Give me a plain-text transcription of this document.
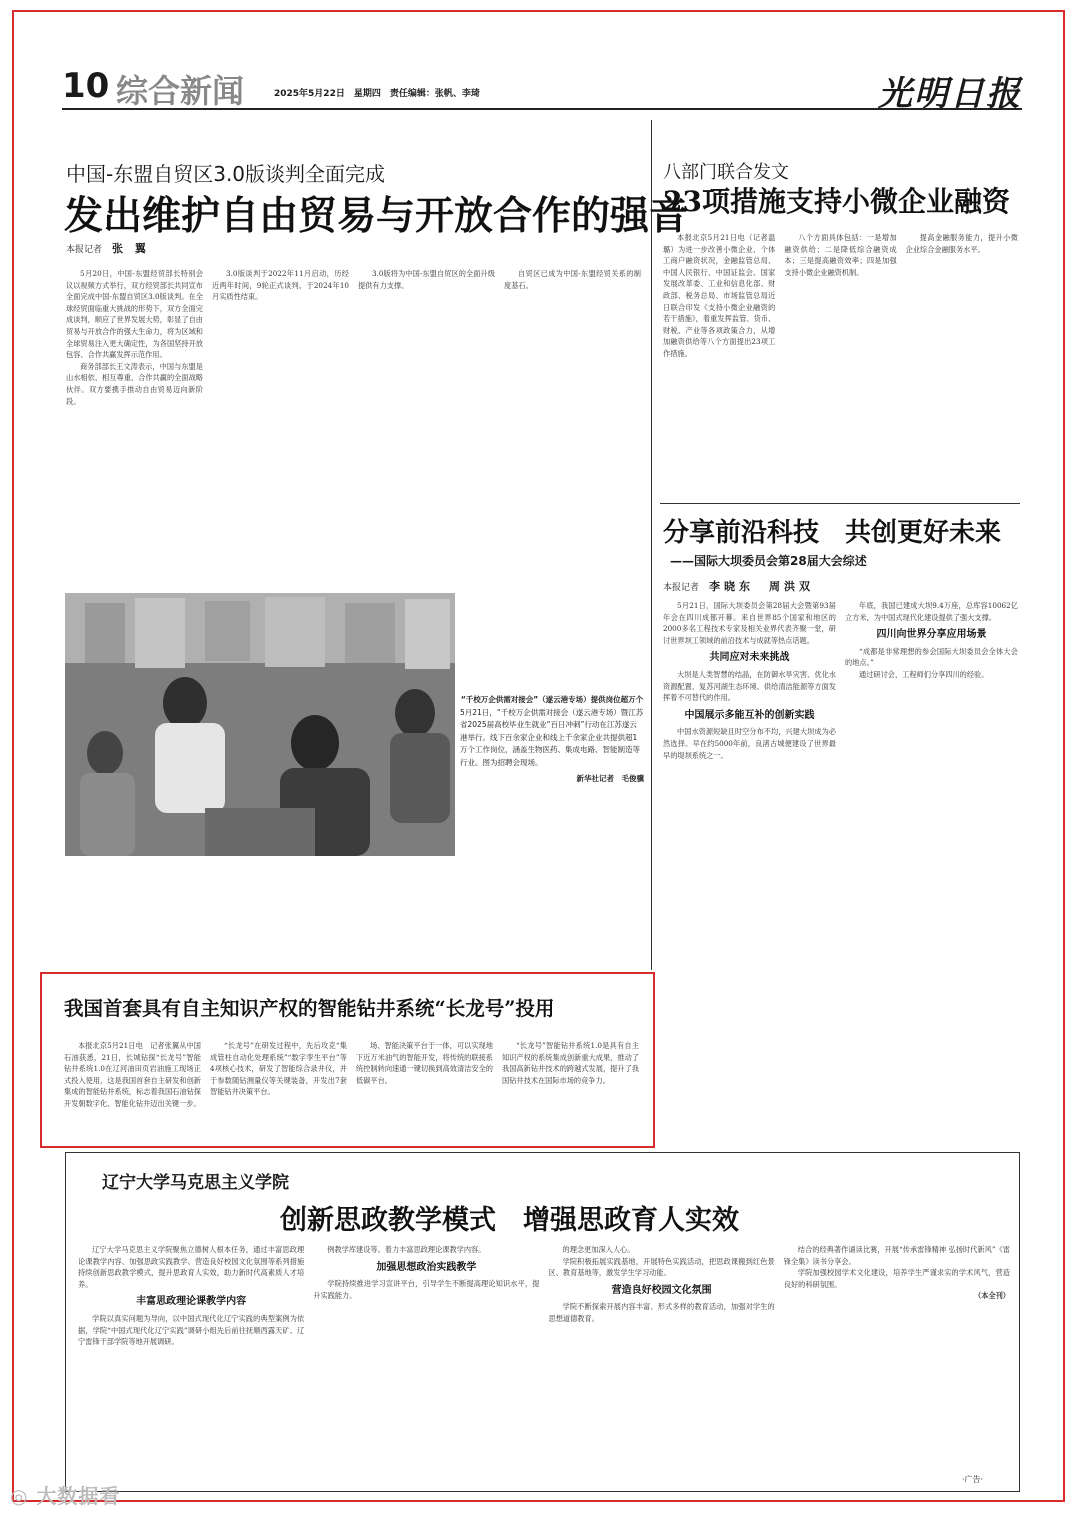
10 综合新闻	2025年5月22日　星期四　责任编辑：张帆、李琦	光明日报
中国-东盟自贸区3.0版谈判全面完成
发出维护自由贸易与开放合作的强音
本报记者 张 翼

5月20日，中国-东盟经贸部长特别会议以视频方式举行，双方经贸部长共同宣布全面完成中国-东盟自贸区3.0版谈判。在全球经贸面临重大挑战的形势下，双方全面完成谈判，顺应了世界发展大势，彰显了自由贸易与开放合作的强大生命力，将为区域和全球贸易注入更大确定性，为各国坚持开放包容、合作共赢发挥示范作用。

商务部部长王文涛表示，中国与东盟是山水相依、相互尊重、合作共赢的全面战略伙伴。双方要携手推动自由贸易迈向新阶段。

3.0版谈判于2022年11月启动，历经近两年时间，9轮正式谈判。于2024年10月实质性结束。

3.0版将为中国-东盟自贸区的全面升级提供有力支撑。

自贸区已成为中国-东盟经贸关系的制度基石。

八部门联合发文
23项措施支持小微企业融资

本报北京5月21日电（记者温璐）为进一步改善小微企业、个体工商户融资状况，金融监管总局、中国人民银行、中国证监会、国家发展改革委、工业和信息化部、财政部、税务总局、市场监管总局近日联合印发《支持小微企业融资的若干措施》，着重发挥监管、货币、财税、产业等各项政策合力，从增加融资供给等八个方面提出23项工作措施。

八个方面具体包括：一是增加融资供给；二是降低综合融资成本；三是提高融资效率；四是加强支持小微企业融资机制。

提高金融服务能力，提升小微企业综合金融服务水平。

分享前沿科技　共创更好未来
——国际大坝委员会第28届大会综述
本报记者 李晓东　周洪双

5月21日，国际大坝委员会第28届大会暨第93届年会在四川成都开幕。来自世界85个国家和地区的2000多名工程技术专家及相关业界代表齐聚一堂，研讨世界坝工领域的前沿技术与成就等热点话题。

共同应对未来挑战

大坝是人类智慧的结晶，在防御水旱灾害、优化水资源配置、复苏河湖生态环境、供给清洁能源等方面发挥着不可替代的作用。

中国展示多能互补的创新实践

中国水资源短缺且时空分布不均，兴建大坝成为必然选择。早在约5000年前，良渚古城便建设了世界最早的堤坝系统之一。

年底，我国已建成大坝9.4万座，总库容10062亿立方米，为中国式现代化建设提供了强大支撑。

四川向世界分享应用场景

“成都是非常理想的参会国际大坝委员会全体大会的地点。”

通过研讨会，工程师们分享四川的经验。

“千校万企供需对接会”（遂云港专场）提供岗位超万个
5月21日，“千校万企供需对接会（遂云港专场）暨江苏省2025届高校毕业生就业“百日冲刺”行动在江苏遂云港举行。线下百余家企业和线上千余家企业共提供超1万个工作岗位，涵盖生物医药、集成电路、智能制造等行业。图为招聘会现场。
新华社记者　毛俊骥
我国首套具有自主知识产权的智能钻井系统“长龙号”投用

本报北京5月21日电　记者张翼从中国石油获悉，21日，长城钻探“长龙号”智能钻井系统1.0在辽河油田页岩油施工现场正式投入使用，这是我国首套自主研发和创新集成的智能钻井系统，标志着我国石油钻探开发朝数字化、智能化钻井迈出关键一步。

“长龙号”在研发过程中，先后攻克“集成管柱自动化处理系统”“数字孪生平台”等4项核心技术，研发了智能综合录井仪，并于参数随钻测量仪等关键装备，开发出7套智能钻井决策平台。

场、智能决策平台于一体，可以实现地下近万米油气的智能开发，将传统的联接系统控制转向速通一键切换到高效清洁安全的低碳平台。

“长龙号”智能钻井系统1.0是具有自主知识产权的系统集成创新重大成果，推动了我国高新钻井技术的跨越式发展，提升了我国钻井技术在国际市场的竞争力。

辽宁大学马克思主义学院
创新思政教学模式　增强思政育人实效

辽宁大学马克思主义学院聚焦立德树人根本任务，通过丰富思政理论课教学内容、加强思政实践教学、营造良好校园文化氛围等系列措施持续创新思政教学模式，提升思政育人实效，助力新时代高素质人才培养。

丰富思政理论课教学内容

学院以真实问题为导向，以中国式现代化辽宁实践的典型案例为依据，学院“中国式现代化辽宁实践”调研小组先后前往抚顺西露天矿、辽宁雷锋干部学院等地开展调研。

例教学库建设等。着力丰富思政理论课教学内容。

加强思想政治实践教学

学院持续推进学习宣讲平台，引导学生不断提高理论知识水平，提升实践能力。

的理念更加深入人心。

学院积极拓展实践基地，开展特色实践活动，把思政课搬到红色景区、教育基地等，激发学生学习动能。

营造良好校园文化氛围

学院不断探索开展内容丰富、形式多样的教育活动，加强对学生的思想道德教育。

结合的经典著作诵读比赛，开展“传承雷锋精神 弘扬时代新风”《雷锋全集》读书分享会。

学院加强校园学术文化建设，培养学生严谨求实的学术风气，营造良好的科研氛围。

（本全刊）
·广告·
◎ 大数据看
